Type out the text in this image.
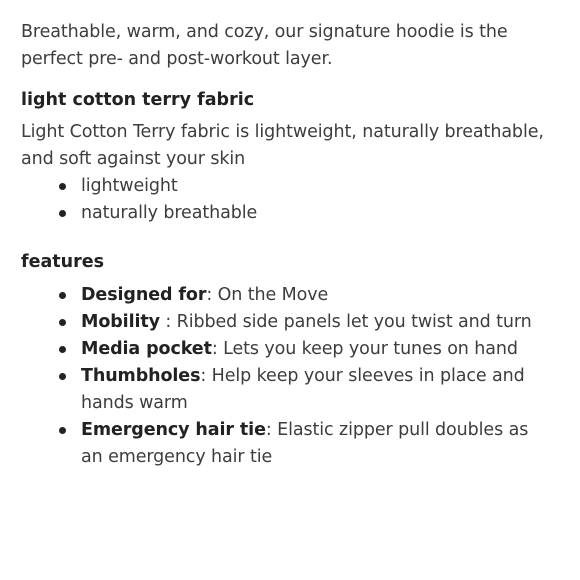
Breathable, warm, and cozy, our signature hoodie is the perfect pre- and post-workout layer.

light cotton terry fabric

Light Cotton Terry fabric is lightweight, naturally breathable, and soft against your skin

lightweight
naturally breathable
features
Designed for: On the Move
Mobility : Ribbed side panels let you twist and turn
Media pocket: Lets you keep your tunes on hand
Thumbholes: Help keep your sleeves in place and hands warm
Emergency hair tie: Elastic zipper pull doubles as an emergency hair tie
